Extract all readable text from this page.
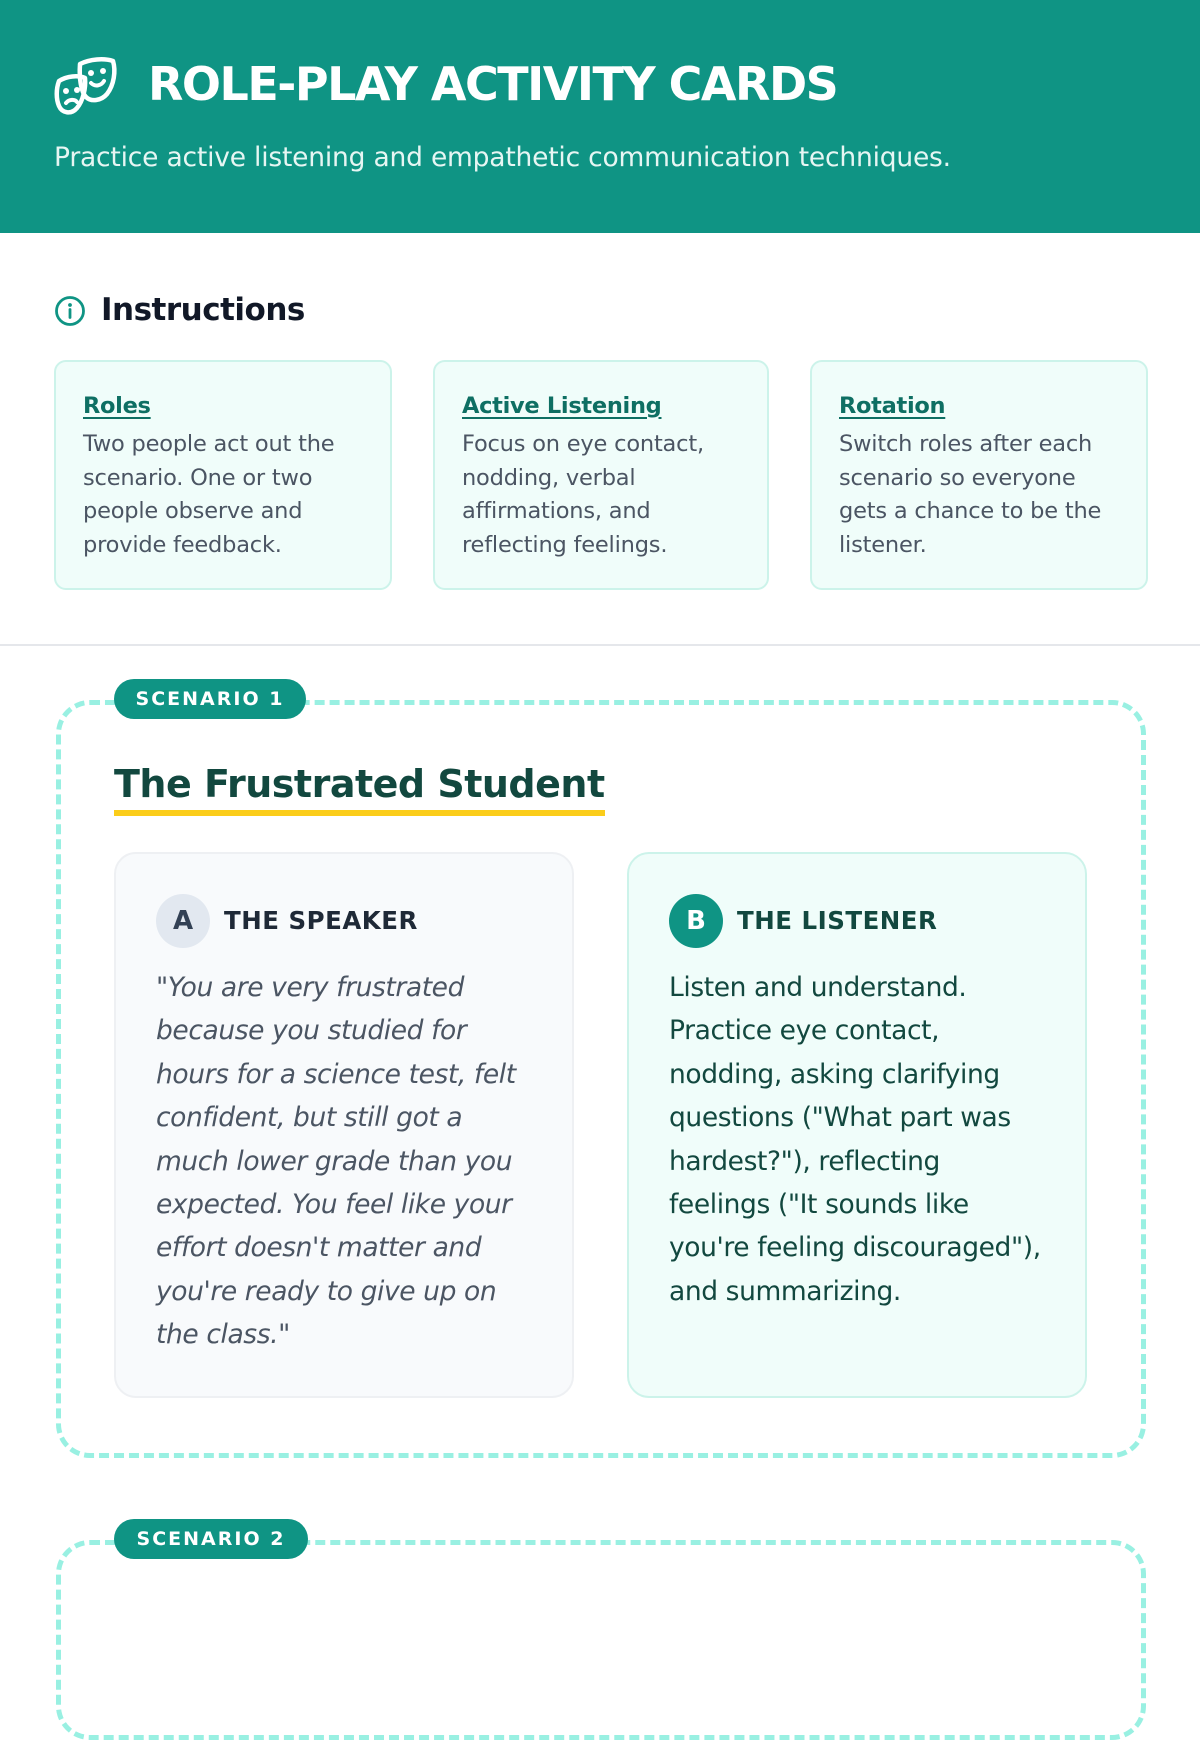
ROLE-PLAY ACTIVITY CARDS

Practice active listening and empathetic communication techniques.

Instructions
Roles

Two people act out the scenario. One or two people observe and provide feedback.

Active Listening

Focus on eye contact, nodding, verbal affirmations, and reflecting feelings.

Rotation

Switch roles after each scenario so everyone gets a chance to be the listener.

SCENARIO 1
The Frustrated Student
A	THE SPEAKER

"You are very frustrated because you studied for hours for a science test, felt confident, but still got a much lower grade than you expected. You feel like your effort doesn't matter and you're ready to give up on the class."

B	THE LISTENER

Listen and understand. Practice eye contact, nodding, asking clarifying questions ("What part was hardest?"), reflecting feelings ("It sounds like you're feeling discouraged"), and summarizing.

SCENARIO 2
